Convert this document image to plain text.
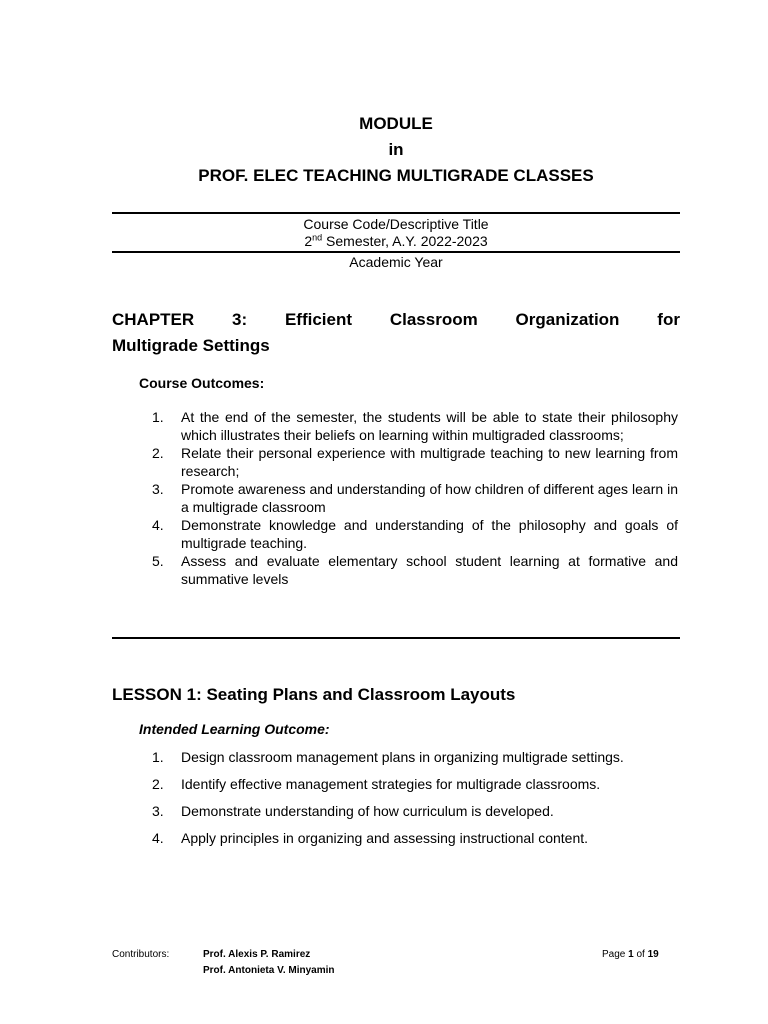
MODULE
in
PROF. ELEC TEACHING MULTIGRADE CLASSES
Course Code/Descriptive Title
2nd Semester, A.Y. 2022-2023
Academic Year
CHAPTER 3: Efficient Classroom Organization for
Multigrade Settings
Course Outcomes:
1.	At the end of the semester, the students will be able to state their philosophy which illustrates their beliefs on learning within multigraded classrooms;
2.	Relate their personal experience with multigrade teaching to new learning from research;
3.	Promote awareness and understanding of how children of different ages learn in a multigrade classroom
4.	Demonstrate knowledge and understanding of the philosophy and goals of multigrade teaching.
5.	Assess and evaluate elementary school student learning at formative and summative levels
LESSON 1: Seating Plans and Classroom Layouts
Intended Learning Outcome:
1.	Design classroom management plans in organizing multigrade settings.
2.	Identify effective management strategies for multigrade classrooms.
3.	Demonstrate understanding of how curriculum is developed.
4.	Apply principles in organizing and assessing instructional content.
Contributors:	Prof. Alexis P. Ramirez
Prof. Antonieta V. Minyamin
Page 1 of 19
